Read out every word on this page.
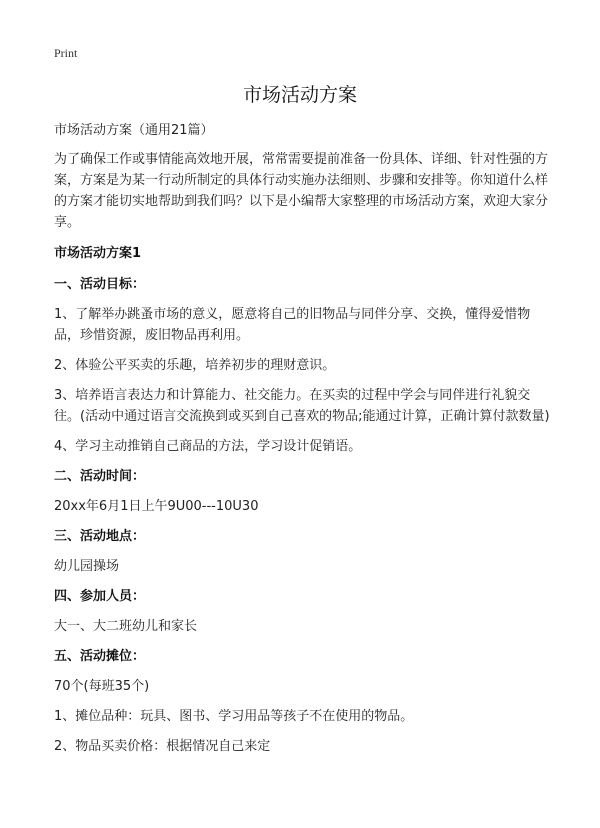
Print
市场活动方案

市场活动方案（通用21篇）

为了确保工作或事情能高效地开展，常常需要提前准备一份具体、详细、针对性强的方案，方案是为某一行动所制定的具体行动实施办法细则、步骤和安排等。你知道什么样的方案才能切实地帮助到我们吗？以下是小编帮大家整理的市场活动方案，欢迎大家分享。

市场活动方案1

一、活动目标：

1、了解举办跳蚤市场的意义，愿意将自己的旧物品与同伴分享、交换，懂得爱惜物品，珍惜资源，废旧物品再利用。

2、体验公平买卖的乐趣，培养初步的理财意识。

3、培养语言表达力和计算能力、社交能力。在买卖的过程中学会与同伴进行礼貌交往。(活动中通过语言交流换到或买到自己喜欢的物品;能通过计算，正确计算付款数量)

4、学习主动推销自己商品的方法，学习设计促销语。

二、活动时间：

20xx年6月1日上午9U00---10U30

三、活动地点：

幼儿园操场

四、参加人员：

大一、大二班幼儿和家长

五、活动摊位：

70个(每班35个)

1、摊位品种：玩具、图书、学习用品等孩子不在使用的物品。

2、物品买卖价格：根据情况自己来定
